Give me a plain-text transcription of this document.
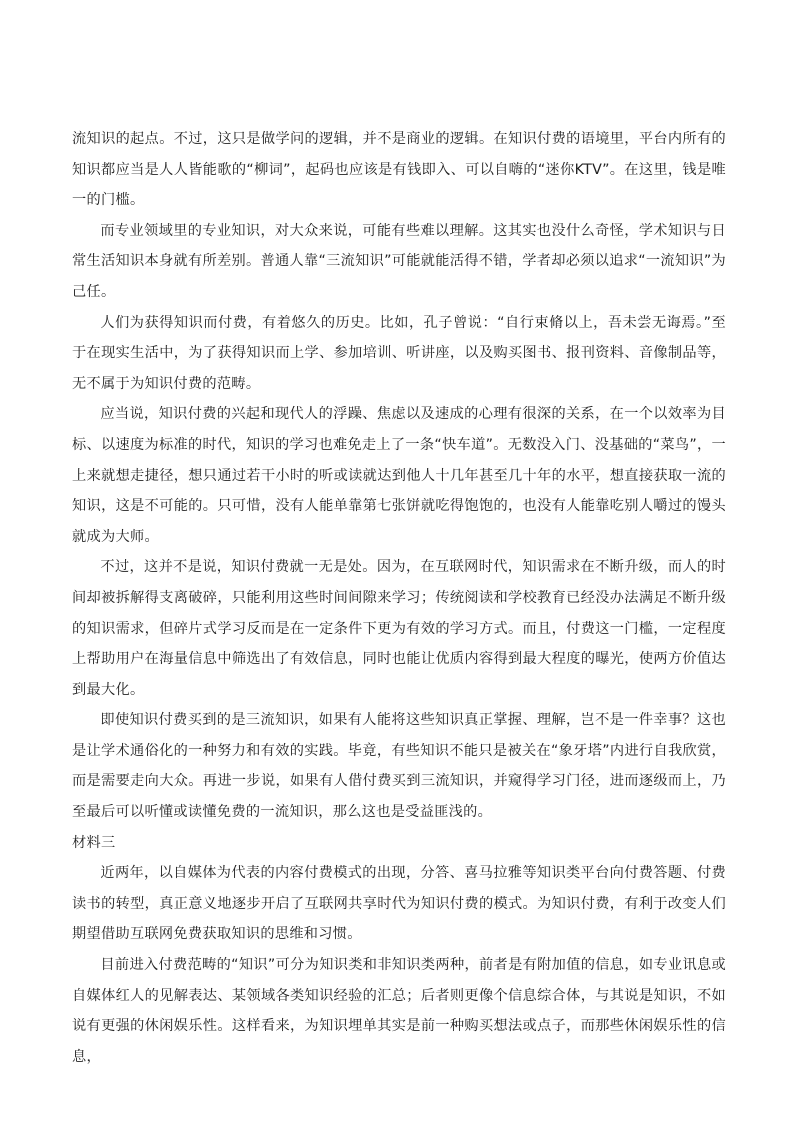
流知识的起点。不过，这只是做学问的逻辑，并不是商业的逻辑。在知识付费的语境里，平台内所有的知识都应当是人人皆能歌的“柳词”，起码也应该是有钱即入、可以自嗨的“迷你KTV”。在这里，钱是唯一的门槛。

而专业领域里的专业知识，对大众来说，可能有些难以理解。这其实也没什么奇怪，学术知识与日常生活知识本身就有所差别。普通人靠“三流知识”可能就能活得不错，学者却必须以追求“一流知识”为己任。

人们为获得知识而付费，有着悠久的历史。比如，孔子曾说：“自行束脩以上，吾未尝无诲焉。”至于在现实生活中，为了获得知识而上学、参加培训、听讲座，以及购买图书、报刊资料、音像制品等，无不属于为知识付费的范畴。

应当说，知识付费的兴起和现代人的浮躁、焦虑以及速成的心理有很深的关系，在一个以效率为目标、以速度为标准的时代，知识的学习也难免走上了一条“快车道”。无数没入门、没基础的“菜鸟”，一上来就想走捷径，想只通过若干小时的听或读就达到他人十几年甚至几十年的水平，想直接获取一流的知识，这是不可能的。只可惜，没有人能单靠第七张饼就吃得饱饱的，也没有人能靠吃别人嚼过的馒头就成为大师。

不过，这并不是说，知识付费就一无是处。因为，在互联网时代，知识需求在不断升级，而人的时间却被拆解得支离破碎，只能利用这些时间间隙来学习；传统阅读和学校教育已经没办法满足不断升级的知识需求，但碎片式学习反而是在一定条件下更为有效的学习方式。而且，付费这一门槛，一定程度上帮助用户在海量信息中筛选出了有效信息，同时也能让优质内容得到最大程度的曝光，使两方价值达到最大化。

即使知识付费买到的是三流知识，如果有人能将这些知识真正掌握、理解，岂不是一件幸事？这也是让学术通俗化的一种努力和有效的实践。毕竟，有些知识不能只是被关在“象牙塔”内进行自我欣赏，而是需要走向大众。再进一步说，如果有人借付费买到三流知识，并窥得学习门径，进而逐级而上，乃至最后可以听懂或读懂免费的一流知识，那么这也是受益匪浅的。

材料三

近两年，以自媒体为代表的内容付费模式的出现，分答、喜马拉雅等知识类平台向付费答题、付费读书的转型，真正意义地逐步开启了互联网共享时代为知识付费的模式。为知识付费，有利于改变人们期望借助互联网免费获取知识的思维和习惯。

目前进入付费范畴的“知识”可分为知识类和非知识类两种，前者是有附加值的信息，如专业讯息或自媒体红人的见解表达、某领域各类知识经验的汇总；后者则更像个信息综合体，与其说是知识，不如说有更强的休闲娱乐性。这样看来，为知识埋单其实是前一种购买想法或点子，而那些休闲娱乐性的信息，
